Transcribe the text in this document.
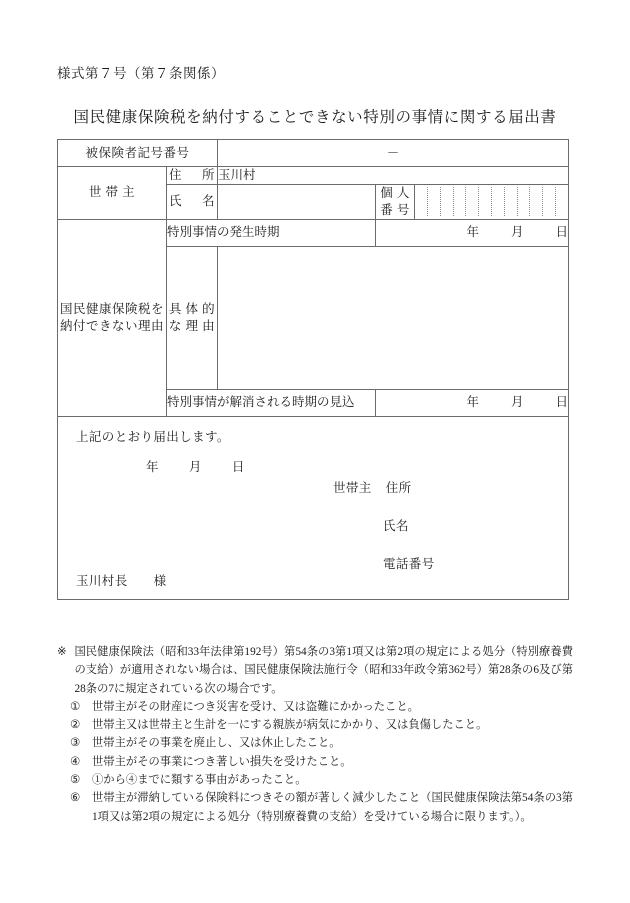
様式第７号（第７条関係）
国民健康保険税を納付することできない特別の事情に関する届出書
被保険者記号番号		－		
世 帯 主	住 所	玉川村		
	氏 名		個 人
番 号	

国民健康保険税を
納付できない理由	特別事情の発生時期		年 月 日	

	具 体 的
な 理 由			

	特別事情が解消される時期の見込		年 月 日	

上記のとおり届出します。
年 月 日
世帯主 住所
氏名
電話番号
玉川村長 様
※ 国民健康保険法（昭和33年法律第192号）第54条の3第1項又は第2項の規定による処分（特別療養費の支給）が適用されない場合は、国民健康保険法施行令（昭和33年政令第362号）第28条の6及び第28条の7に規定されている次の場合です。
①	世帯主がその財産につき災害を受け、又は盗難にかかったこと。
②	世帯主又は世帯主と生計を一にする親族が病気にかかり、又は負傷したこと。
③	世帯主がその事業を廃止し、又は休止したこと。
④	世帯主がその事業につき著しい損失を受けたこと。
⑤	①から④までに類する事由があったこと。
⑥	世帯主が滞納している保険料につきその額が著しく減少したこと（国民健康保険法第54条の3第1項又は第2項の規定による処分（特別療養費の支給）を受けている場合に限ります。）。
